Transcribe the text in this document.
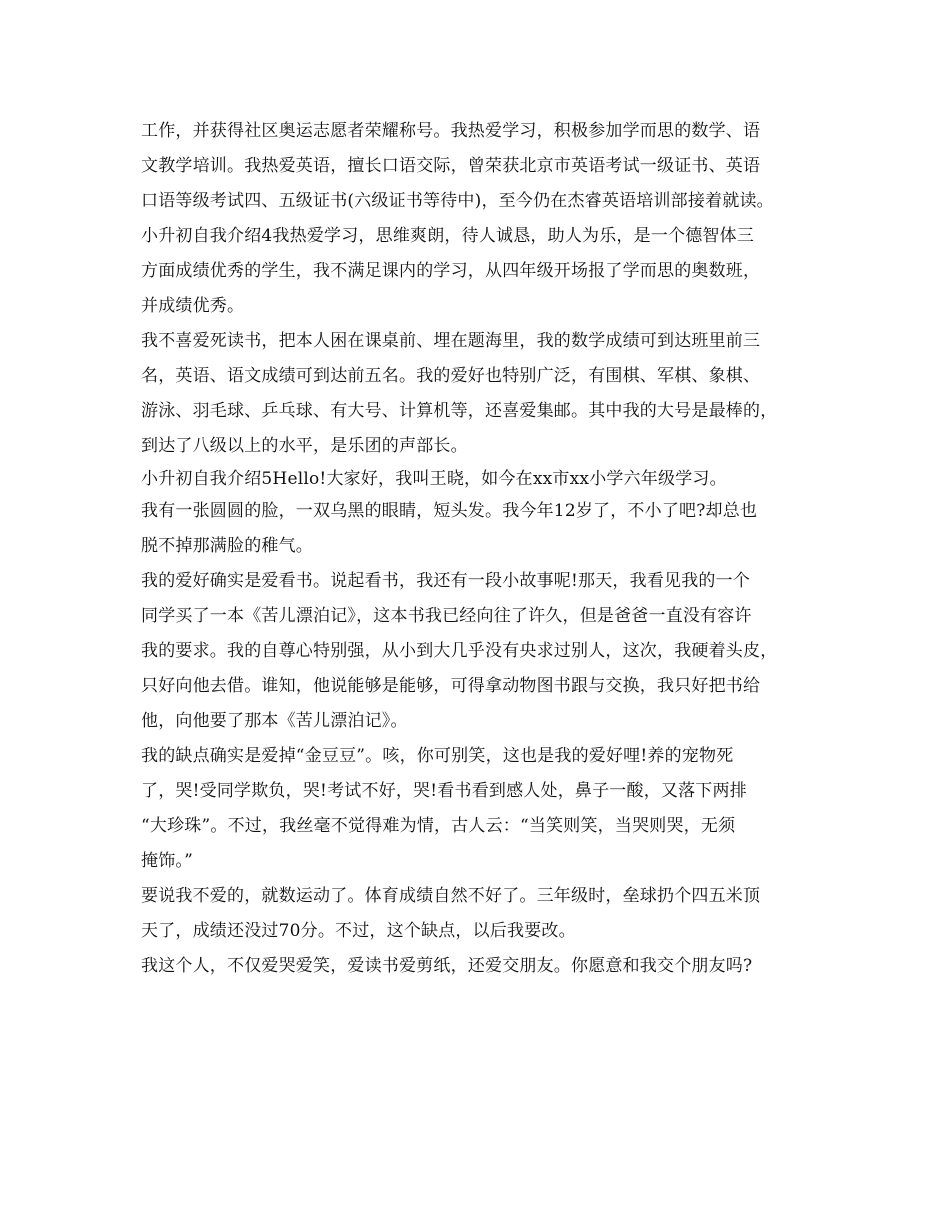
工作，并获得社区奥运志愿者荣耀称号。我热爱学习，积极参加学而思的数学、语
文教学培训。我热爱英语，擅长口语交际，曾荣获北京市英语考试一级证书、英语
口语等级考试四、五级证书(六级证书等待中)，至今仍在杰睿英语培训部接着就读。
小升初自我介绍4我热爱学习，思维爽朗，待人诚恳，助人为乐，是一个德智体三
方面成绩优秀的学生，我不满足课内的学习，从四年级开场报了学而思的奥数班，
并成绩优秀。
我不喜爱死读书，把本人困在课桌前、埋在题海里，我的数学成绩可到达班里前三
名，英语、语文成绩可到达前五名。我的爱好也特别广泛，有围棋、军棋、象棋、
游泳、羽毛球、乒乓球、有大号、计算机等，还喜爱集邮。其中我的大号是最棒的，
到达了八级以上的水平，是乐团的声部长。
小升初自我介绍5Hello!大家好，我叫王晓，如今在xx市xx小学六年级学习。
我有一张圆圆的脸，一双乌黑的眼睛，短头发。我今年12岁了，不小了吧?却总也
脱不掉那满脸的稚气。
我的爱好确实是爱看书。说起看书，我还有一段小故事呢!那天，我看见我的一个
同学买了一本《苦儿漂泊记》，这本书我已经向往了许久，但是爸爸一直没有容许
我的要求。我的自尊心特别强，从小到大几乎没有央求过别人，这次，我硬着头皮，
只好向他去借。谁知，他说能够是能够，可得拿动物图书跟与交换，我只好把书给
他，向他要了那本《苦儿漂泊记》。
我的缺点确实是爱掉“金豆豆”。咳，你可别笑，这也是我的爱好哩!养的宠物死
了，哭!受同学欺负，哭!考试不好，哭!看书看到感人处，鼻子一酸，又落下两排
“大珍珠”。不过，我丝毫不觉得难为情，古人云：“当笑则笑，当哭则哭，无须
掩饰。”
要说我不爱的，就数运动了。体育成绩自然不好了。三年级时，垒球扔个四五米顶
天了，成绩还没过70分。不过，这个缺点，以后我要改。
我这个人，不仅爱哭爱笑，爱读书爱剪纸，还爱交朋友。你愿意和我交个朋友吗?
